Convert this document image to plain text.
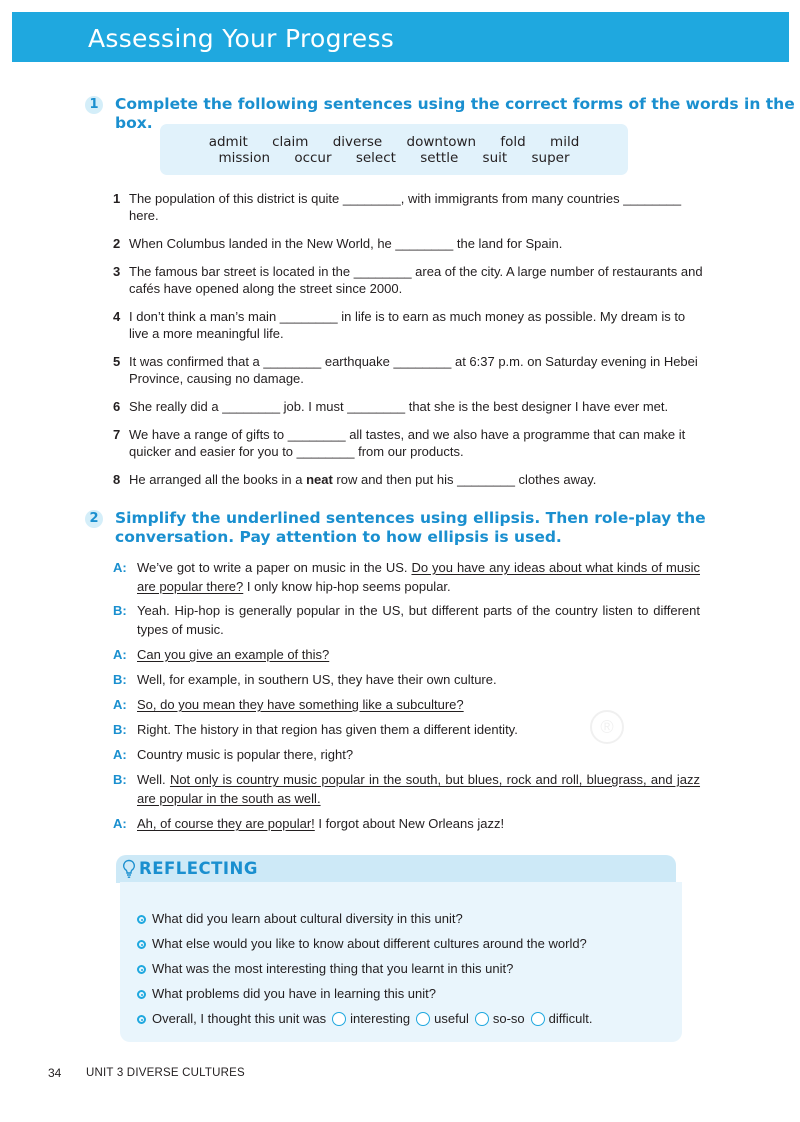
Assessing Your Progress
1 Complete the following sentences using the correct forms of the words in the box.
admit claim diverse downtown fold mild
mission occur select settle suit super
1 The population of this district is quite ________, with immigrants from many countries ________ here.
2 When Columbus landed in the New World, he ________ the land for Spain.
3 The famous bar street is located in the ________ area of the city. A large number of restaurants and cafés have opened along the street since 2000.
4 I don’t think a man’s main ________ in life is to earn as much money as possible. My dream is to live a more meaningful life.
5 It was confirmed that a ________ earthquake ________ at 6:37 p.m. on Saturday evening in Hebei Province, causing no damage.
6 She really did a ________ job. I must ________ that she is the best designer I have ever met.
7 We have a range of gifts to ________ all tastes, and we also have a programme that can make it quicker and easier for you to ________ from our products.
8 He arranged all the books in a neat row and then put his ________ clothes away.
2 Simplify the underlined sentences using ellipsis. Then role-play the
conversation. Pay attention to how ellipsis is used.
A: We’ve got to write a paper on music in the US. Do you have any ideas about what kinds of music are popular there? I only know hip-hop seems popular.
B: Yeah. Hip-hop is generally popular in the US, but different parts of the country listen to different types of music.
A: Can you give an example of this?
B: Well, for example, in southern US, they have their own culture.
A: So, do you mean they have something like a subculture?
B: Right. The history in that region has given them a different identity.
A: Country music is popular there, right?
B: Well. Not only is country music popular in the south, but blues, rock and roll, bluegrass, and jazz are popular in the south as well.
A: Ah, of course they are popular! I forgot about New Orleans jazz!

®
REFLECTING
What did you learn about cultural diversity in this unit?
What else would you like to know about different cultures around the world?
What was the most interesting thing that you learnt in this unit?
What problems did you have in learning this unit?
Overall, I thought this unit was interesting useful so-so difficult.
34 UNIT 3 DIVERSE CULTURES
